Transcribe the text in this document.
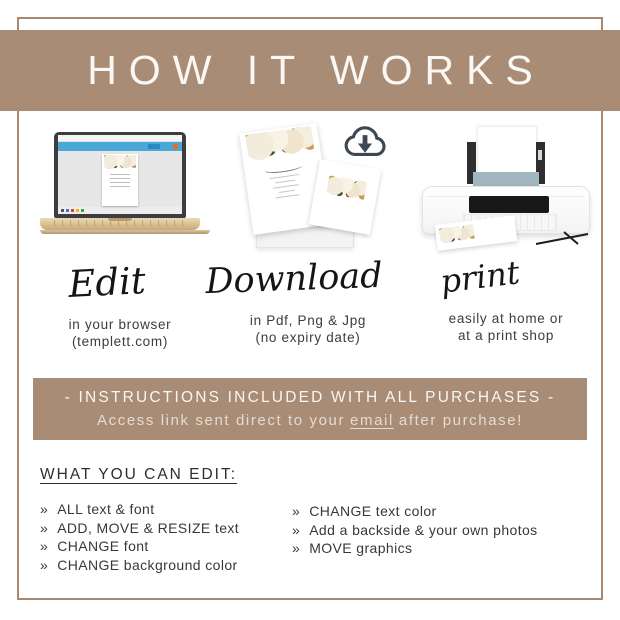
HOW IT WORKS
Edit
in your browser
(templett.com)
Download
in Pdf, Png & Jpg
(no expiry date)
print
easily at home or
at a print shop
- INSTRUCTIONS INCLUDED WITH ALL PURCHASES -
Access link sent direct to your email after purchase!
WHAT YOU CAN EDIT:
» ALL text & font
» ADD, MOVE & RESIZE text
» CHANGE font
» CHANGE background color
» CHANGE text color
» Add a backside & your own photos
» MOVE graphics
